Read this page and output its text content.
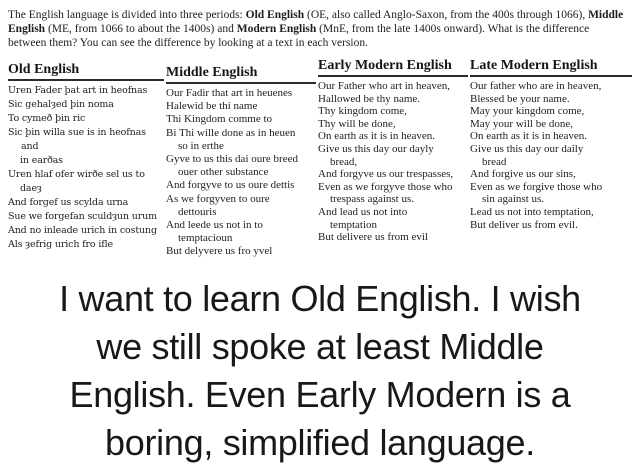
The English language is divided into three periods: Old English (OE, also called Anglo-Saxon, from the 400s through 1066), Middle English (ME, from 1066 to about the 1400s) and Modern English (MnE, from the late 1400s onward). What is the difference between them? You can see the difference by looking at a text in each version.

Old English
Uren Fader þat art in heofnas
Sic gehalȝed þin noma
To cymeð þin ric
Sic þin willa sue is in heofnas and
in earðas
Uren hlaf ofer wirðe sel us to
daeȝ
And forgef us scylda urna
Sue we forgefan sculdȝun urum
And no inleade urich in costung
Als ȝefrig urich fro ifle
Middle English
Our Fadir that art in heuenes
Halewid be thi name
Thi Kingdom comme to
Bi Thi wille done as in heuen
so in erthe
Gyve to us this dai oure breed
ouer other substance
And forgyve to us oure dettis
As we forgyven to oure
dettouris
And leede us not in to
temptacioun
But delyvere us fro yvel
Early Modern English
Our Father who art in heaven,
Hallowed be thy name.
Thy kingdom come,
Thy will be done,
On earth as it is in heaven.
Give us this day our dayly
bread,
And forgyve us our trespasses,
Even as we forgyve those who
trespass against us.
And lead us not into
temptation
But delivere us from evil
Late Modern English
Our father who are in heaven,
Blessed be your name.
May your kingdom come,
May your will be done,
On earth as it is in heaven.
Give us this day our daily
bread
And forgive us our sins,
Even as we forgive those who
sin against us.
Lead us not into temptation,
But deliver us from evil.
I want to learn Old English. I wish
we still spoke at least Middle
English. Even Early Modern is a
boring, simplified language.
